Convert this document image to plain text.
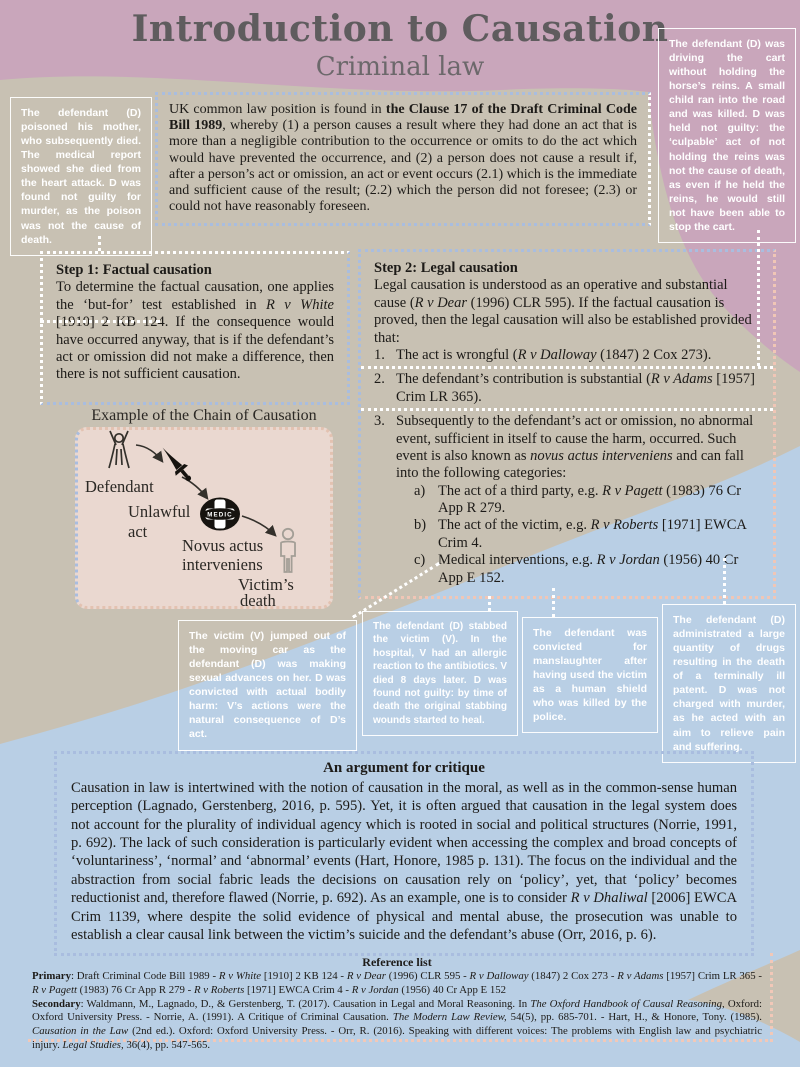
Introduction to Causation
Criminal law
The defendant (D) poisoned his mother, who subsequently died. The medical report showed she died from the heart attack. D was found not guilty for murder, as the poison was not the cause of death.
The defendant (D) was driving the cart without holding the horse’s reins. A small child ran into the road and was killed. D was held not guilty: the ‘culpable’ act of not holding the reins was not the cause of death, as even if he held the reins, he would still not have been able to stop the cart.
UK common law position is found in the Clause 17 of the Draft Criminal Code Bill 1989, whereby (1) a person causes a result where they had done an act that is more than a negligible contribution to the occurrence or omits to do the act which would have prevented the occurrence, and (2) a person does not cause a result if, after a person’s act or omission, an act or event occurs (2.1) which is the immediate and sufficient cause of the result; (2.2) which the person did not foresee; (2.3) or could not have reasonably foreseen.
Step 1: Factual causation
To determine the factual causation, one applies the ‘but-for’ test established in R v White [1910] 2 KB 124. If the consequence would have occurred anyway, that is if the defendant’s act or omission did not make a difference, then there is not sufficient causation.
Step 2: Legal causation
Legal causation is understood as an operative and substantial cause (R v Dear (1996) CLR 595). If the factual causation is proved, then the legal causation will also be established provided that:
1. The act is wrongful (R v Dalloway (1847) 2 Cox 273).
2. The defendant’s contribution is substantial (R v Adams [1957] Crim LR 365).
3. Subsequently to the defendant’s act or omission, no abnormal event, sufficient in itself to cause the harm, occurred. Such event is also known as novus actus interveniens and can fall into the following categories:
a) The act of a third party, e.g. R v Pagett (1983) 76 Cr App R 279.
b) The act of the victim, e.g. R v Roberts [1971] EWCA Crim 4.
c) Medical interventions, e.g. R v Jordan (1956) 40 Cr App E 152.
Example of the Chain of Causation
MEDIC
Defendant
Unlawful
act
Novus actus
interveniens
Victim’s
death
The victim (V) jumped out of the moving car as the defendant (D) was making sexual advances on her. D was convicted with actual bodily harm: V’s actions were the natural consequence of D’s act.
The defendant (D) stabbed the victim (V). In the hospital, V had an allergic reaction to the antibiotics. V died 8 days later. D was found not guilty: by time of death the original stabbing wounds started to heal.
The defendant was convicted for manslaughter after having used the victim as a human shield who was killed by the police.
The defendant (D) administrated a large quantity of drugs resulting in the death of a terminally ill patent. D was not charged with murder, as he acted with an aim to relieve pain and suffering.
An argument for critique
Causation in law is intertwined with the notion of causation in the moral, as well as in the common-sense human perception (Lagnado, Gerstenberg, 2016, p. 595). Yet, it is often argued that causation in the legal system does not account for the plurality of individual agency which is rooted in social and political structures (Norrie, 1991, p. 692). The lack of such consideration is particularly evident when accessing the complex and broad concepts of ‘voluntariness’, ‘normal’ and ‘abnormal’ events (Hart, Honore, 1985 p. 131). The focus on the individual and the abstraction from social fabric leads the decisions on causation rely on ‘policy’, yet, that ‘policy’ becomes reductionist and, therefore flawed (Norrie, p. 692). As an example, one is to consider R v Dhaliwal [2006] EWCA Crim 1139, where despite the solid evidence of physical and mental abuse, the prosecution was unable to establish a clear causal link between the victim’s suicide and the defendant’s abuse (Orr, 2016, p. 6).
Reference list
Primary: Draft Criminal Code Bill 1989 - R v White [1910] 2 KB 124 - R v Dear (1996) CLR 595 - R v Dalloway (1847) 2 Cox 273 - R v Adams [1957] Crim LR 365 - R v Pagett (1983) 76 Cr App R 279 - R v Roberts [1971] EWCA Crim 4 - R v Jordan (1956) 40 Cr App E 152
Secondary: Waldmann, M., Lagnado, D., & Gerstenberg, T. (2017). Causation in Legal and Moral Reasoning. In The Oxford Handbook of Causal Reasoning, Oxford: Oxford University Press. - Norrie, A. (1991). A Critique of Criminal Causation. The Modern Law Review, 54(5), pp. 685-701. - Hart, H., & Honore, Tony. (1985). Causation in the Law (2nd ed.). Oxford: Oxford University Press. - Orr, R. (2016). Speaking with different voices: The problems with English law and psychiatric injury. Legal Studies, 36(4), pp. 547-565.
